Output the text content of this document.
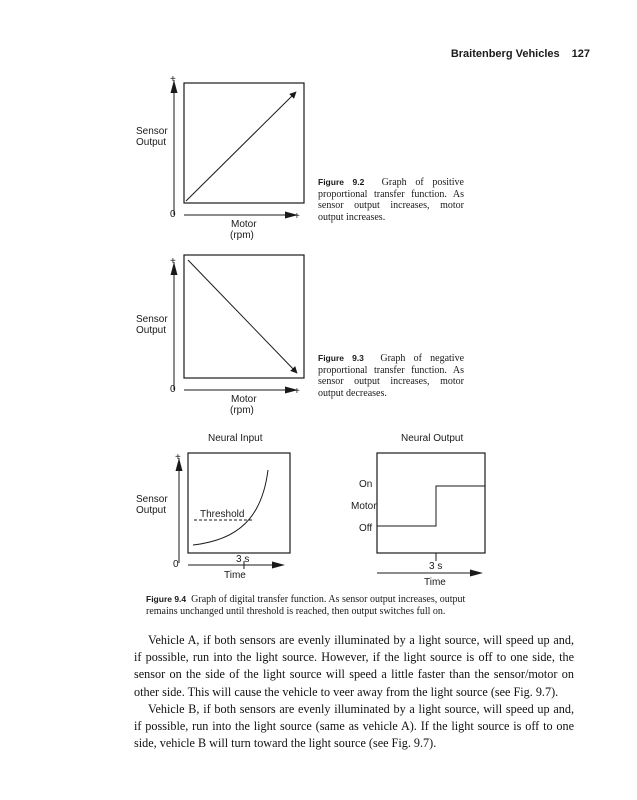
Braitenberg Vehicles 127
+
Sensor
Output
0	+
Motor
(rpm)
+
Sensor
Output
0	+
Motor
(rpm)
Neural Input
Threshold
+
Sensor
Output
0	3 s
Time
Neural Output
On
Motor
Off
3 s
Time
Figure 9.2 Graph of positive proportional transfer function. As sensor output increases, motor output increases.
Figure 9.3 Graph of negative proportional transfer function. As sensor output increases, motor output decreases.
Figure 9.4 Graph of digital transfer function. As sensor output increases, output remains unchanged until threshold is reached, then output switches full on.

Vehicle A, if both sensors are evenly illuminated by a light source, will speed up and, if possible, run into the light source. However, if the light source is off to one side, the sensor on the side of the light source will speed a little faster than the sensor/motor on other side. This will cause the vehicle to veer away from the light source (see Fig. 9.7).

Vehicle B, if both sensors are evenly illuminated by a light source, will speed up and, if possible, run into the light source (same as vehicle A). If the light source is off to one side, vehicle B will turn toward the light source (see Fig. 9.7).
